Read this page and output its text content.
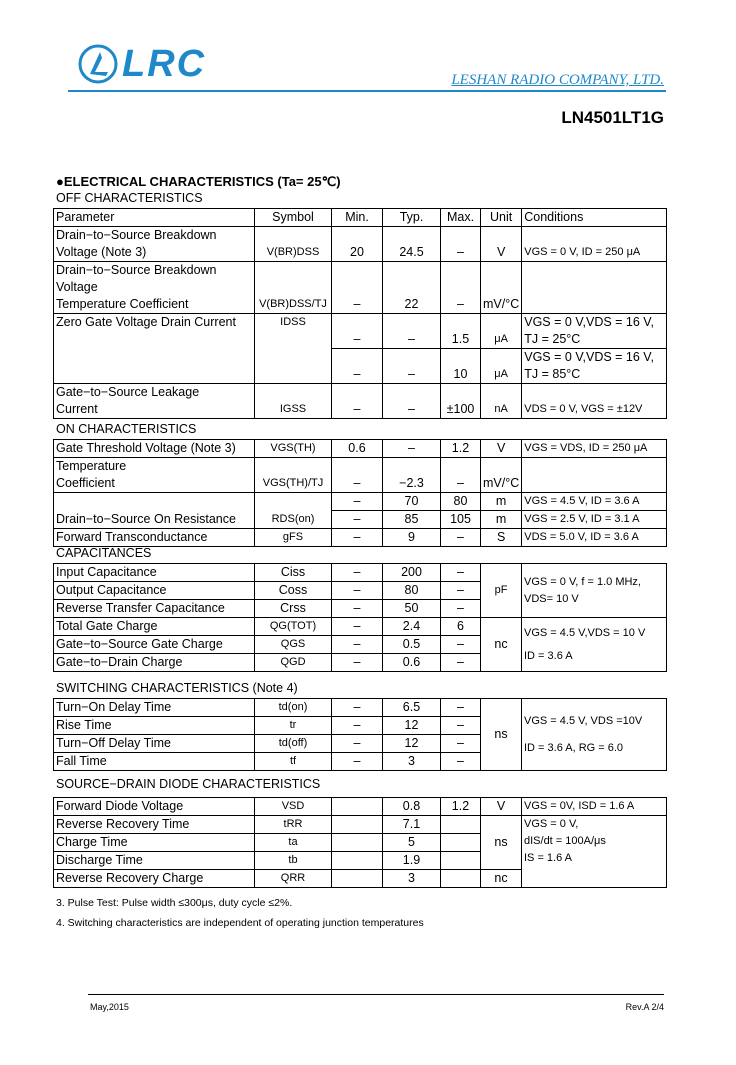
LRC	LESHAN RADIO COMPANY, LTD.
LN4501LT1G
●ELECTRICAL CHARACTERISTICS (Ta= 25℃)
OFF CHARACTERISTICS
Parameter	Symbol	Min.	Typ.	Max.	Unit	Conditions

Drain−to−Source Breakdown
Voltage (Note 3)	V(BR)DSS	20	24.5	–	V	VGS = 0 V, ID = 250 μA

Drain−to−Source Breakdown
Voltage
Temperature Coefficient	V(BR)DSS/TJ	–	22	–	mV/°C	
Zero Gate Voltage Drain Current	IDSS	–	–	1.5	μA	VGS = 0 V,VDS = 16 V,
TJ = 25°C

		–	–	10	μA	VGS = 0 V,VDS = 16 V,
TJ = 85°C

Gate−to−Source Leakage
Current	IGSS	–	–	±100	nA	VDS = 0 V, VGS = ±12V
ON CHARACTERISTICS
Gate Threshold Voltage (Note 3)	VGS(TH)	0.6	–	1.2	V	VGS = VDS, ID = 250 μA

Temperature
Coefficient	VGS(TH)/TJ	–	−2.3	–	mV/°C	
Drain−to−Source On Resistance	RDS(on)	–	70	80	m	VGS = 4.5 V, ID = 3.6 A
		–	85	105	m	VGS = 2.5 V, ID = 3.1 A
Forward Transconductance	gFS	–	9	–	S	VDS = 5.0 V, ID = 3.6 A
CAPACITANCES
Input Capacitance	Ciss	–	200	–	pF	VGS = 0 V, f = 1.0 MHz,
VDS= 10 V

Output Capacitance	Coss	–	80	–		
Reverse Transfer Capacitance	Crss	–	50	–		
Total Gate Charge	QG(TOT)	–	2.4	6	nc	VGS = 4.5 V,VDS = 10 V
ID = 3.6 A

Gate−to−Source Gate Charge	QGS	–	0.5	–		
Gate−to−Drain Charge	QGD	–	0.6	–		
SWITCHING CHARACTERISTICS (Note 4)
Turn−On Delay Time	td(on)	–	6.5	–	ns	VGS = 4.5 V, VDS =10V
ID = 3.6 A, RG = 6.0

Rise Time	tr	–	12	–		
Turn−Off Delay Time	td(off)	–	12	–		
Fall Time	tf	–	3	–		
SOURCE−DRAIN DIODE CHARACTERISTICS
Forward Diode Voltage	VSD		0.8	1.2	V	VGS = 0V, ISD = 1.6 A
Reverse Recovery Time	tRR		7.1		ns	VGS = 0 V,
dIS/dt = 100A/μs
IS = 1.6 A

Charge Time	ta		5			
Discharge Time	tb		1.9			
Reverse Recovery Charge	QRR		3		nc	
3. Pulse Test: Pulse width ≤300μs, duty cycle ≤2%.
4. Switching characteristics are independent of operating junction temperatures
May,2015	Rev.A 2/4
